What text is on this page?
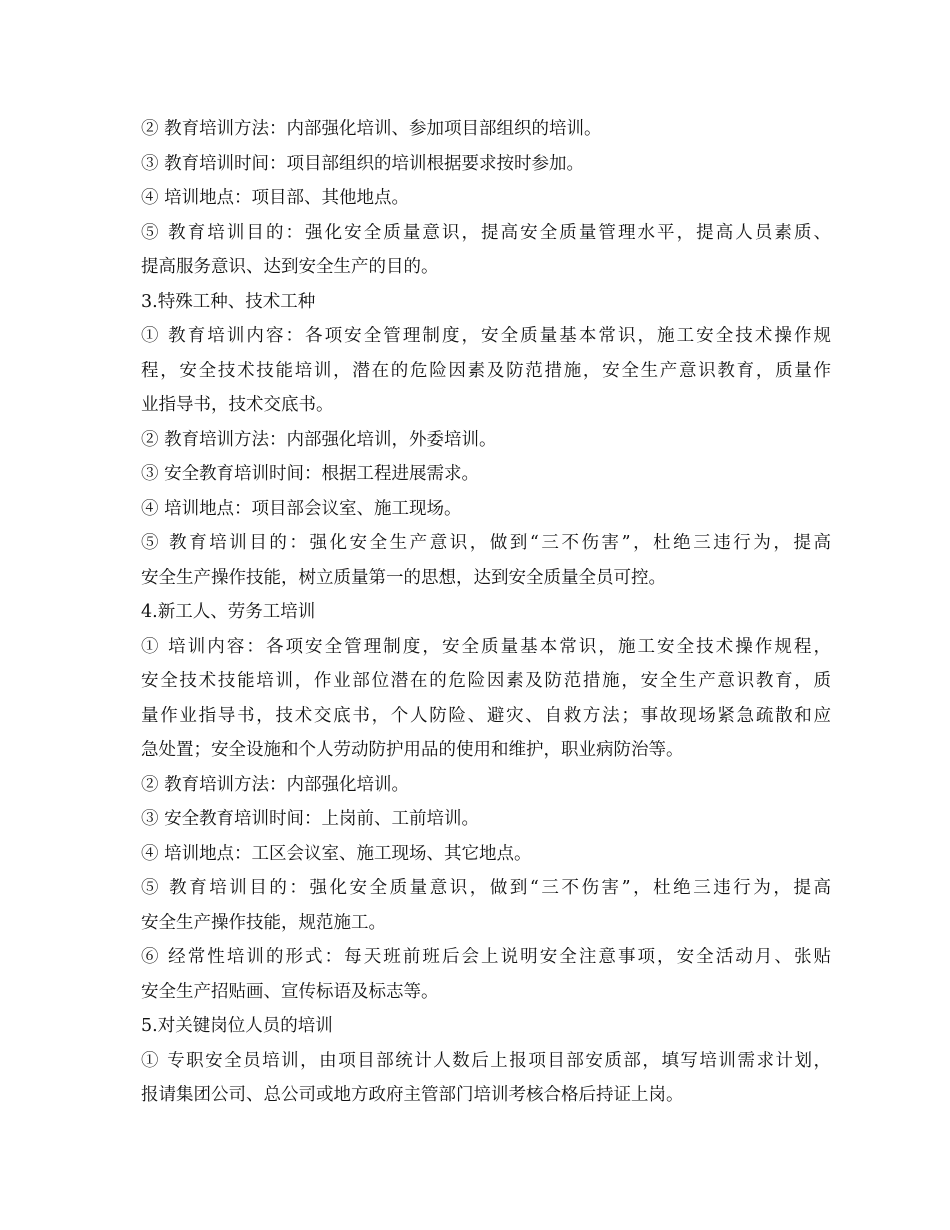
② 教育培训方法：内部强化培训、参加项目部组织的培训。
③ 教育培训时间：项目部组织的培训根据要求按时参加。
④ 培训地点：项目部、其他地点。
⑤ 教育培训目的：强化安全质量意识，提高安全质量管理水平，提高人员素质、
提高服务意识、达到安全生产的目的。
3.特殊工种、技术工种
① 教育培训内容：各项安全管理制度，安全质量基本常识，施工安全技术操作规
程，安全技术技能培训，潜在的危险因素及防范措施，安全生产意识教育，质量作
业指导书，技术交底书。
② 教育培训方法：内部强化培训，外委培训。
③ 安全教育培训时间：根据工程进展需求。
④ 培训地点：项目部会议室、施工现场。
⑤ 教育培训目的：强化安全生产意识，做到“三不伤害”，杜绝三违行为，提高
安全生产操作技能，树立质量第一的思想，达到安全质量全员可控。
4.新工人、劳务工培训
① 培训内容：各项安全管理制度，安全质量基本常识，施工安全技术操作规程，
安全技术技能培训，作业部位潜在的危险因素及防范措施，安全生产意识教育，质
量作业指导书，技术交底书，个人防险、避灾、自救方法；事故现场紧急疏散和应
急处置；安全设施和个人劳动防护用品的使用和维护，职业病防治等。
② 教育培训方法：内部强化培训。
③ 安全教育培训时间：上岗前、工前培训。
④ 培训地点：工区会议室、施工现场、其它地点。
⑤ 教育培训目的：强化安全质量意识，做到“三不伤害”，杜绝三违行为，提高
安全生产操作技能，规范施工。
⑥ 经常性培训的形式：每天班前班后会上说明安全注意事项，安全活动月、张贴
安全生产招贴画、宣传标语及标志等。
5.对关键岗位人员的培训
① 专职安全员培训，由项目部统计人数后上报项目部安质部，填写培训需求计划，
报请集团公司、总公司或地方政府主管部门培训考核合格后持证上岗。
